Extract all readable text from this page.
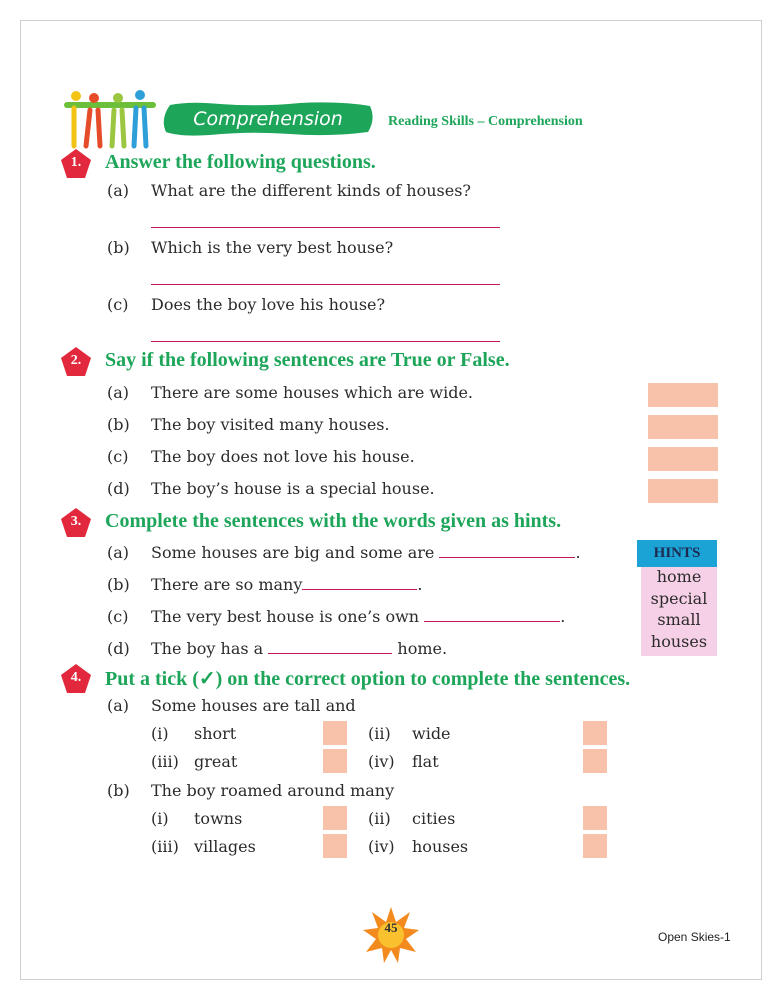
Comprehension	Reading Skills – Comprehension
1.	Answer the following questions.
(a) What are the different kinds of houses?
(b) Which is the very best house?
(c) Does the boy love his house?
2.	Say if the following sentences are True or False.
(a) There are some houses which are wide.
(b) The boy visited many houses.
(c) The boy does not love his house.
(d) The boy’s house is a special house.
3.	Complete the sentences with the words given as hints.
(a) Some houses are big and some are	.
(b) There are so many	.
(c) The very best house is one’s own	.
(d) The boy has a	home.
HINTS
home
special
small
houses
4.	Put a tick (✓) on the correct option to complete the sentences.
(a) Some houses are tall and
(i) short	(ii) wide
(iii) great	(iv) flat
(b) The boy roamed around many
(i) towns	(ii) cities
(iii) villages	(iv) houses
45
Open Skies-1
